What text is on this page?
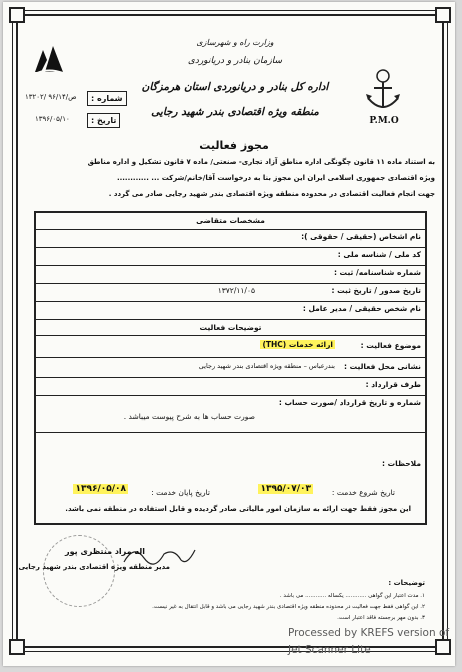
P.M.O
وزارت راه و شهرسازی
سازمان بنادر و دریانوردی
اداره کل بنادر و دریانوردی استان هرمزگان
منطقه ویژه اقتصادی بندر شهید رجایی
شماره :
۱۳۲۰۲/ ص/۹۶/۱۴
تاریخ :
۱۳۹۶/۰۵/۱۰
مجوز فعالیت
به استناد ماده ۱۱ قانون چگونگی اداره مناطق آزاد تجاری- صنعتی/ ماده ۷ قانون تشکیل و اداره مناطق
ویژه اقتصادی جمهوری اسلامی ایران این مجوز بنا به درخواست آقا/خانم/شرکت ... ............
جهت انجام فعالیت اقتصادی در محدوده منطقه ویژه اقتصادی بندر شهید رجایی صادر می گردد .
مشخصات متقاضی
نام اشخاص (حقیقی / حقوقی ):
کد ملی / شناسه ملی :
شماره شناسنامه/ ثبت :
تاریخ صدور / تاریخ ثبت :
۱۳۷۲/۱۱/۰۵
نام شخص حقیقی / مدیر عامل :
توضیحات فعالیت
موضوع فعالیت :
ارائه خدمات (THC)
نشانی محل فعالیت :
بندرعباس – منطقه ویژه اقتصادی بندر شهید رجایی
طرف قرارداد :
شماره و تاریخ قرارداد /صورت حساب :
صورت حساب ها به شرح پیوست میباشد .
ملاحظات :
تاریخ شروع خدمت :
۱۳۹۵/۰۷/۰۳
تاریخ پایان خدمت :
۱۳۹۶/۰۵/۰۸
این مجوز فقط جهت ارائه به سازمان امور مالیاتی صادر گردیده و قابل استفاده در منطقه نمی باشد.
اله مراد منتظری پور
مدیر منطقه ویژه اقتصادی بندر شهید رجایی
توضیحات :
۱. مدت اعتبار این گواهی ............ یکساله ............ می باشد .
۲. این گواهی فقط جهت فعالیت در محدوده منطقه ویژه اقتصادی بندر شهید رجایی می باشد و قابل انتقال به غیر نیست.
۳. بدون مهر برجسته فاقد اعتبار است.
Processed by KREFS version of
Jet Scanner Lite
